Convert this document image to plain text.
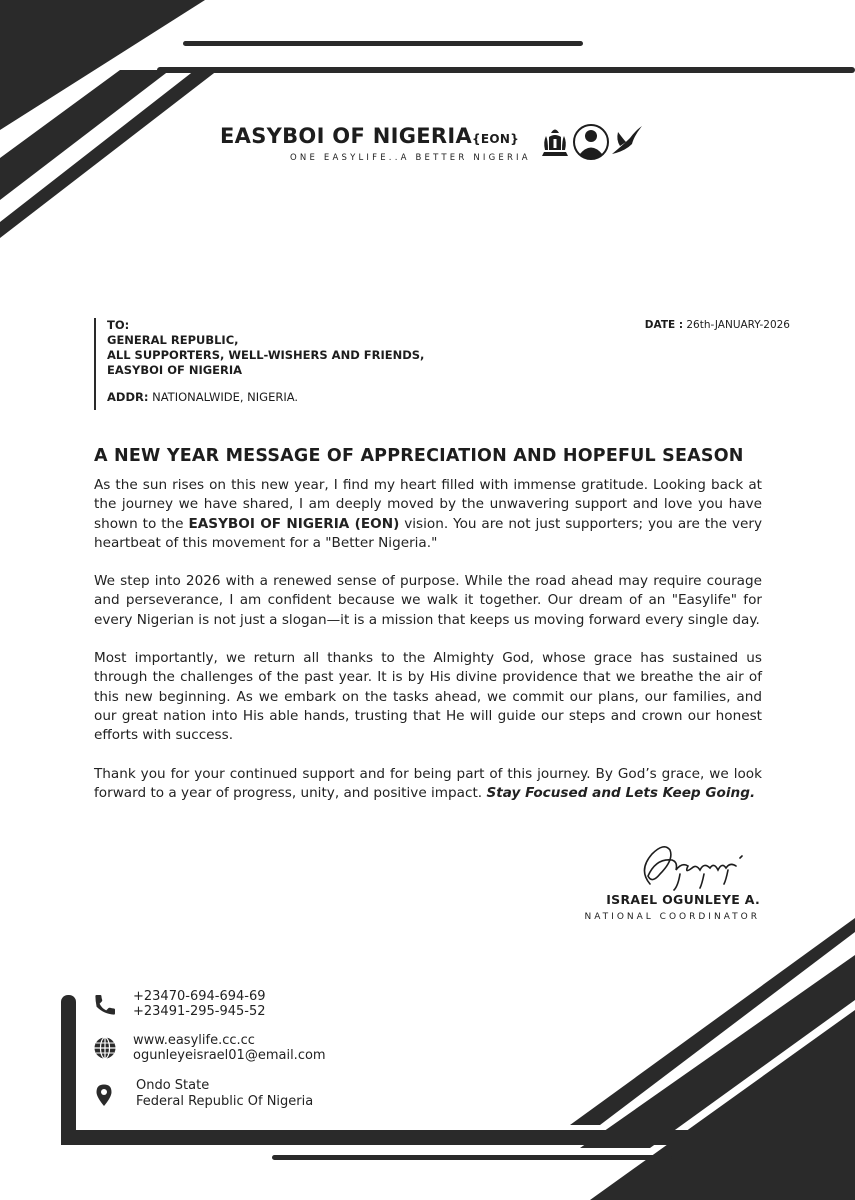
EASYBOI OF NIGERIA{EON}
ONE EASYLIFE..A BETTER NIGERIA
TO:
GENERAL REPUBLIC,
ALL SUPPORTERS, WELL-WISHERS AND FRIENDS,
EASYBOI OF NIGERIA
ADDR: NATIONALWIDE, NIGERIA.
DATE : 26th-JANUARY-2026
A NEW YEAR MESSAGE OF APPRECIATION AND HOPEFUL SEASON

As the sun rises on this new year, I find my heart filled with immense gratitude. Looking back at the journey we have shared, I am deeply moved by the unwavering support and love you have shown to the EASYBOI OF NIGERIA (EON) vision. You are not just supporters; you are the very heartbeat of this movement for a "Better Nigeria."

We step into 2026 with a renewed sense of purpose. While the road ahead may require courage and perseverance, I am confident because we walk it together. Our dream of an "Easylife" for every Nigerian is not just a slogan—it is a mission that keeps us moving forward every single day.

Most importantly, we return all thanks to the Almighty God, whose grace has sustained us through the challenges of the past year. It is by His divine providence that we breathe the air of this new beginning. As we embark on the tasks ahead, we commit our plans, our families, and our great nation into His able hands, trusting that He will guide our steps and crown our honest efforts with success.

Thank you for your continued support and for being part of this journey. By God’s grace, we look forward to a year of progress, unity, and positive impact. Stay Focused and Lets Keep Going.

ISRAEL OGUNLEYE A.
NATIONAL COORDINATOR
+23470-694-694-69
+23491-295-945-52
www.easylife.cc.cc
ogunleyeisrael01@email.com
Ondo State
Federal Republic Of Nigeria
